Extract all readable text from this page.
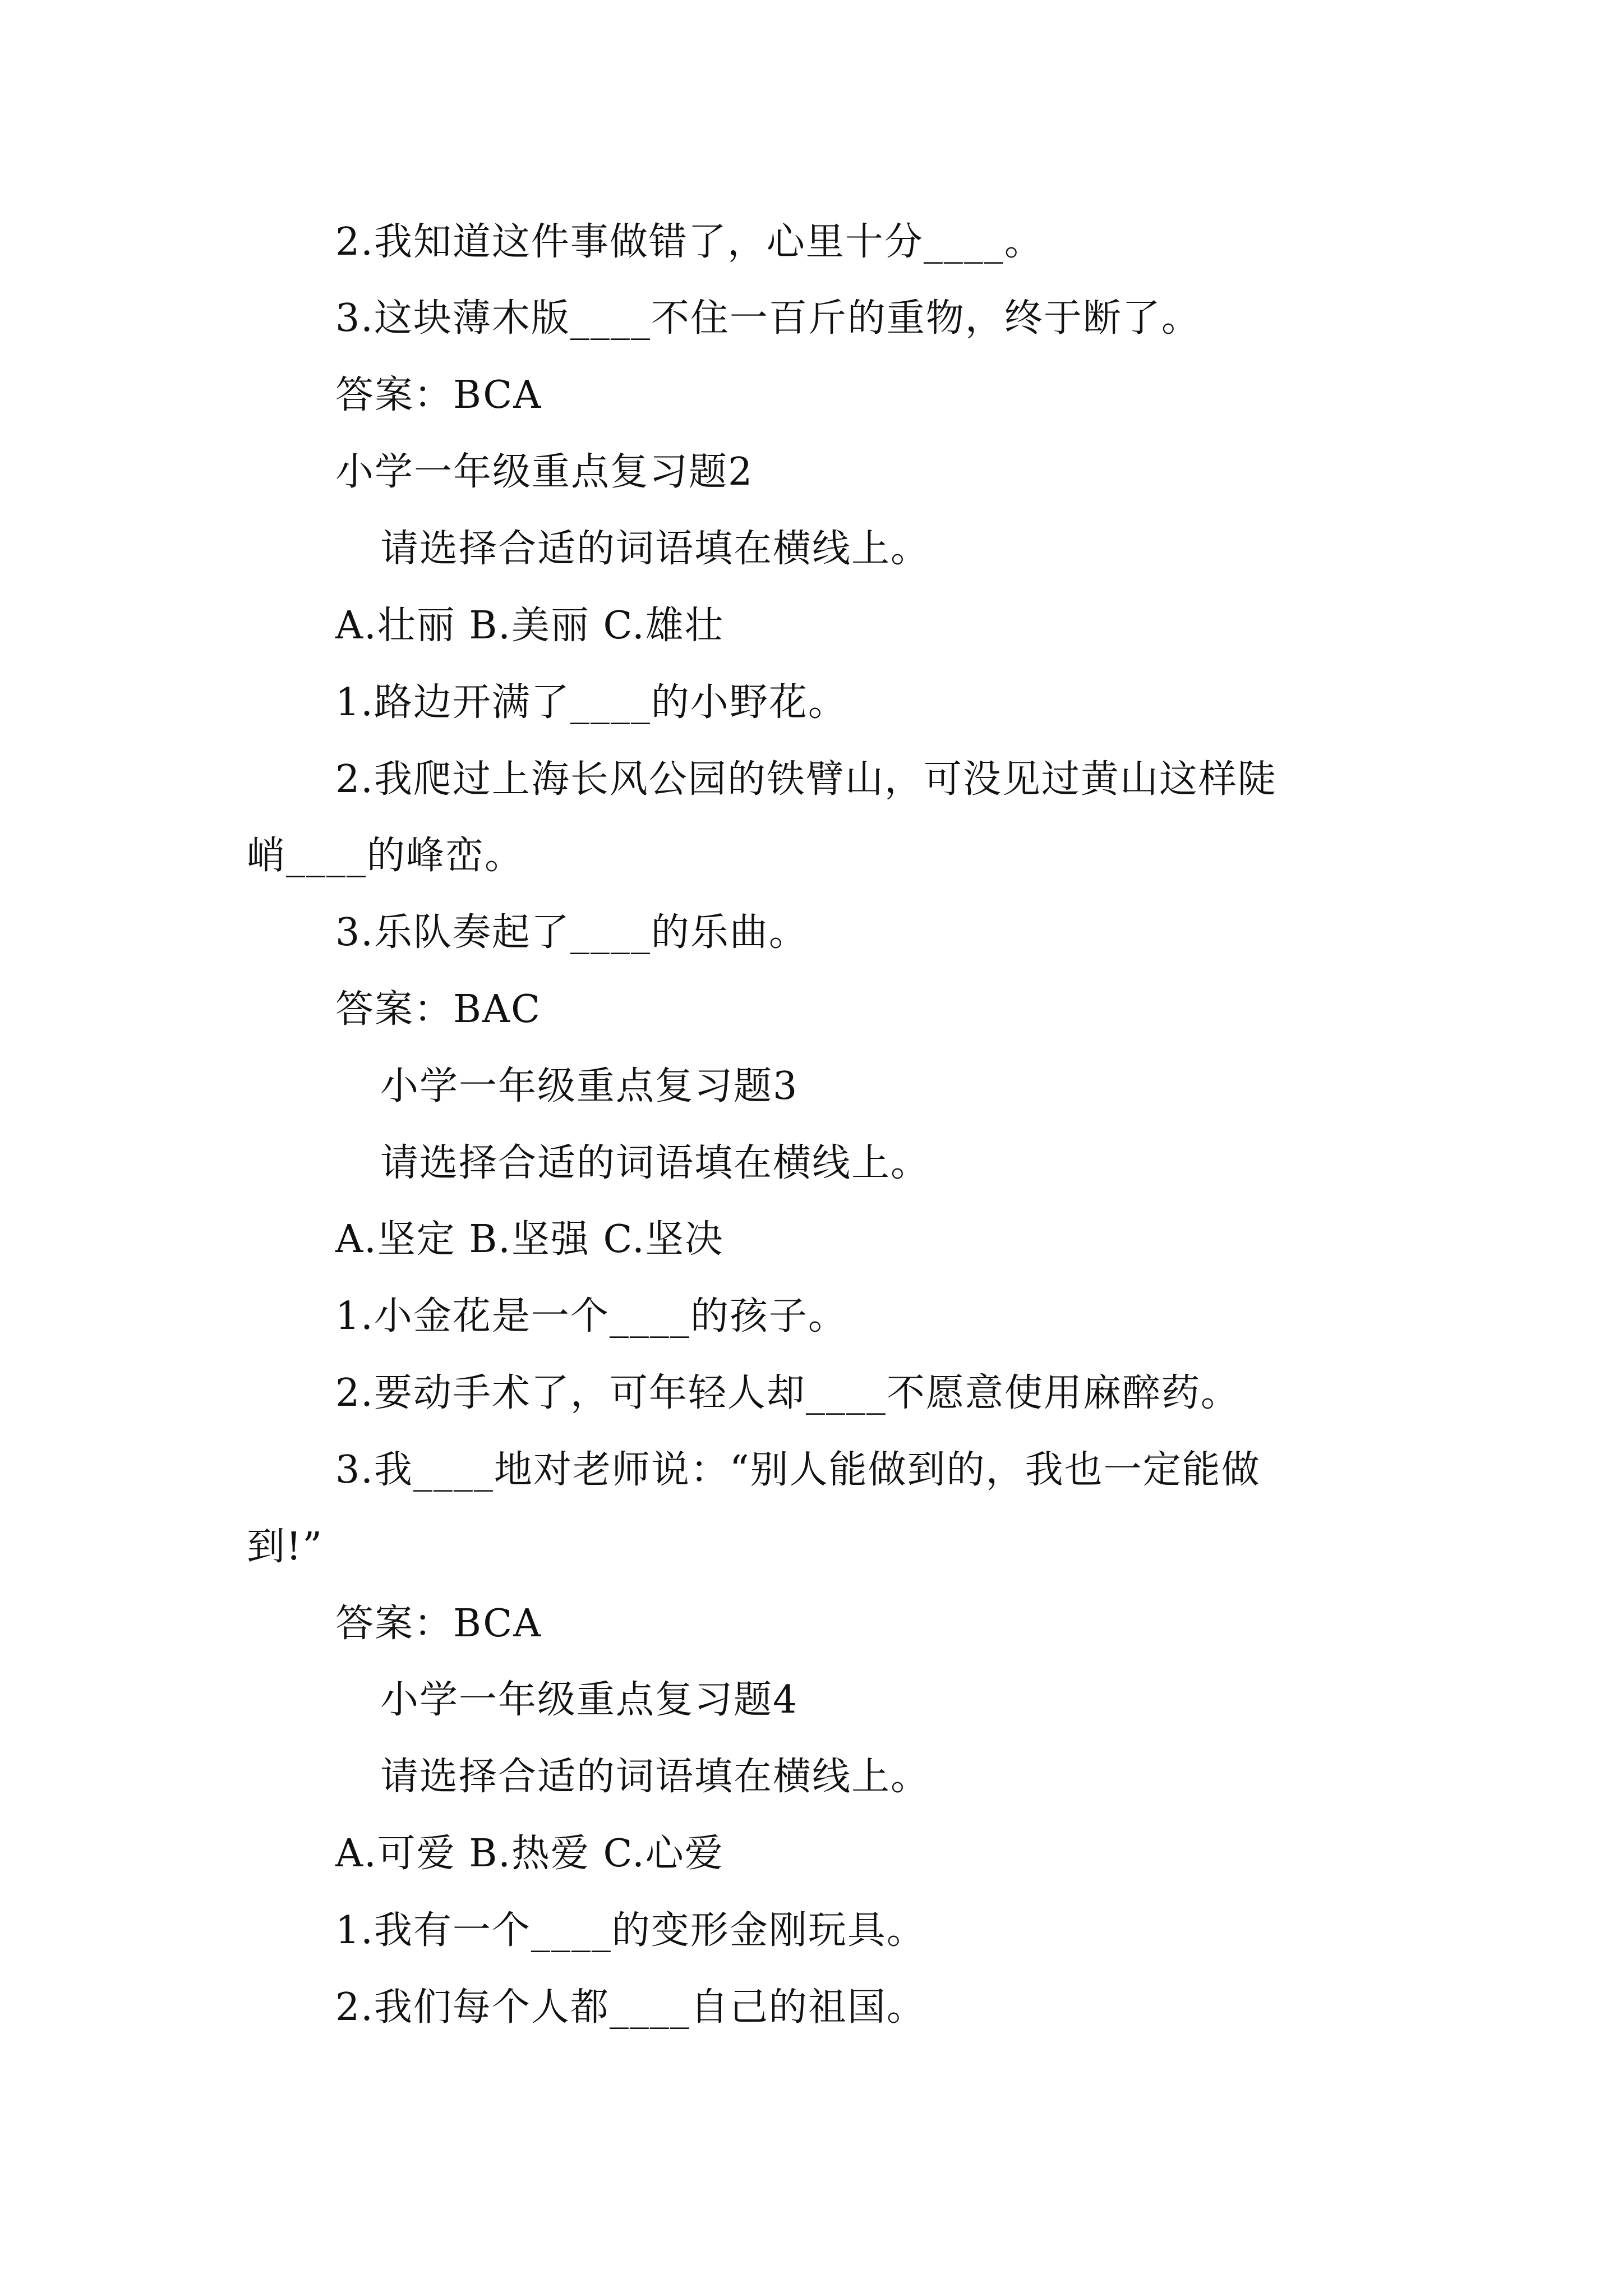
2.我知道这件事做错了，心里十分____。

3.这块薄木版____不住一百斤的重物，终于断了。

答案：BCA

小学一年级重点复习题2

请选择合适的词语填在横线上。

A.壮丽 B.美丽 C.雄壮

1.路边开满了____的小野花。

2.我爬过上海长风公园的铁臂山，可没见过黄山这样陡

峭____的峰峦。

3.乐队奏起了____的乐曲。

答案：BAC

小学一年级重点复习题3

请选择合适的词语填在横线上。

A.坚定 B.坚强 C.坚决

1.小金花是一个____的孩子。

2.要动手术了，可年轻人却____不愿意使用麻醉药。

3.我____地对老师说：“别人能做到的，我也一定能做

到!”

答案：BCA

小学一年级重点复习题4

请选择合适的词语填在横线上。

A.可爱 B.热爱 C.心爱

1.我有一个____的变形金刚玩具。

2.我们每个人都____自己的祖国。
